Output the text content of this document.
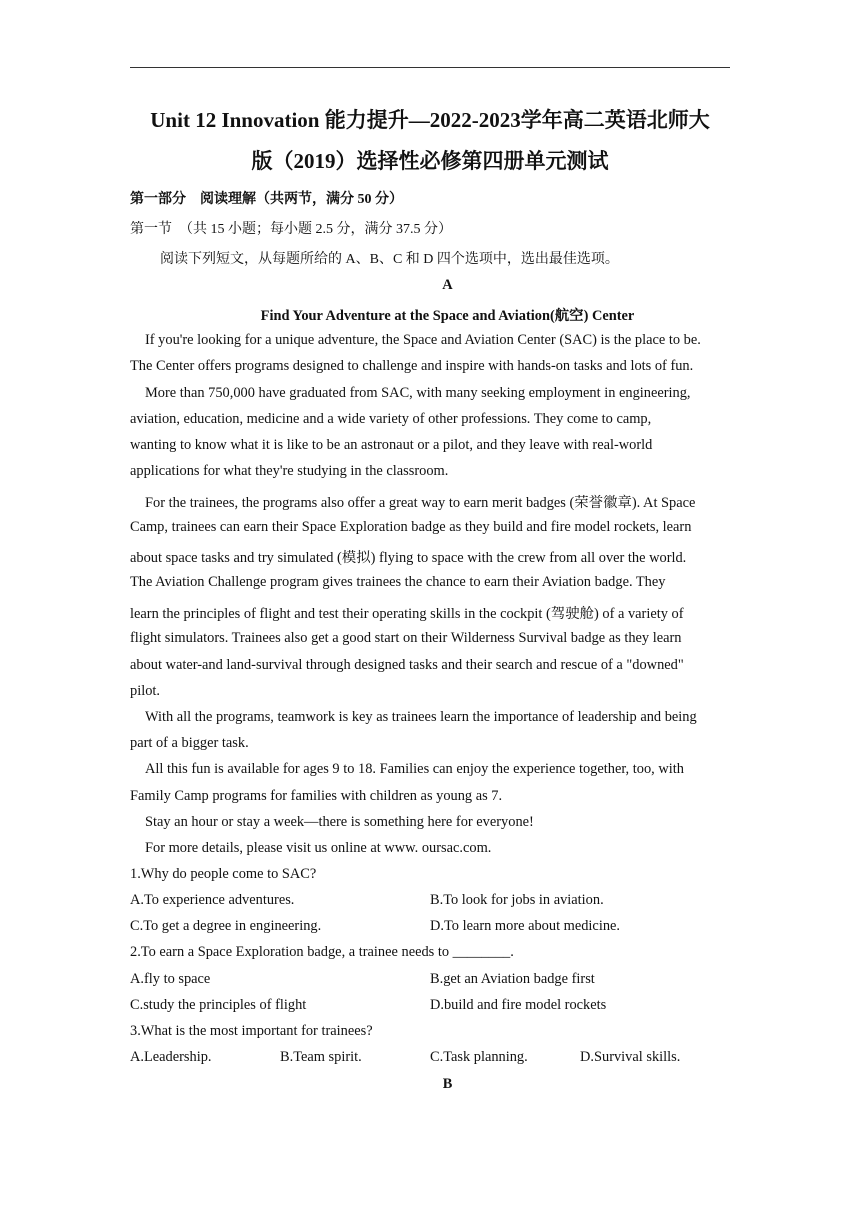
Unit 12 Innovation 能力提升—2022-2023学年高二英语北师大
版（2019）选择性必修第四册单元测试
第一部分　阅读理解（共两节，满分 50 分）
第一节　（共 15 小题；每小题 2.5 分，满分 37.5 分）
阅读下列短文，从每题所给的 A、B、C 和 D 四个选项中，选出最佳选项。
A
Find Your Adventure at the Space and Aviation(航空) Center
If you're looking for a unique adventure, the Space and Aviation Center (SAC) is the place to be.
The Center offers programs designed to challenge and inspire with hands-on tasks and lots of fun.
More than 750,000 have graduated from SAC, with many seeking employment in engineering,
aviation, education, medicine and a wide variety of other professions. They come to camp,
wanting to know what it is like to be an astronaut or a pilot, and they leave with real-world
applications for what they're studying in the classroom.
For the trainees, the programs also offer a great way to earn merit badges (荣誉徽章). At Space
Camp, trainees can earn their Space Exploration badge as they build and fire model rockets, learn
about space tasks and try simulated (模拟) flying to space with the crew from all over the world.
The Aviation Challenge program gives trainees the chance to earn their Aviation badge. They
learn the principles of flight and test their operating skills in the cockpit (驾驶舱) of a variety of
flight simulators. Trainees also get a good start on their Wilderness Survival badge as they learn
about water-and land-survival through designed tasks and their search and rescue of a "downed"
pilot.
With all the programs, teamwork is key as trainees learn the importance of leadership and being
part of a bigger task.
All this fun is available for ages 9 to 18. Families can enjoy the experience together, too, with
Family Camp programs for families with children as young as 7.
Stay an hour or stay a week—there is something here for everyone!
For more details, please visit us online at www. oursac.com.
1.Why do people come to SAC?
A.To experience adventures.	B.To look for jobs in aviation.
C.To get a degree in engineering.	D.To learn more about medicine.
2.To earn a Space Exploration badge, a trainee needs to ________.
A.fly to space	B.get an Aviation badge first
C.study the principles of flight	D.build and fire model rockets
3.What is the most important for trainees?
A.Leadership.	B.Team spirit.	C.Task planning.	D.Survival skills.
B
